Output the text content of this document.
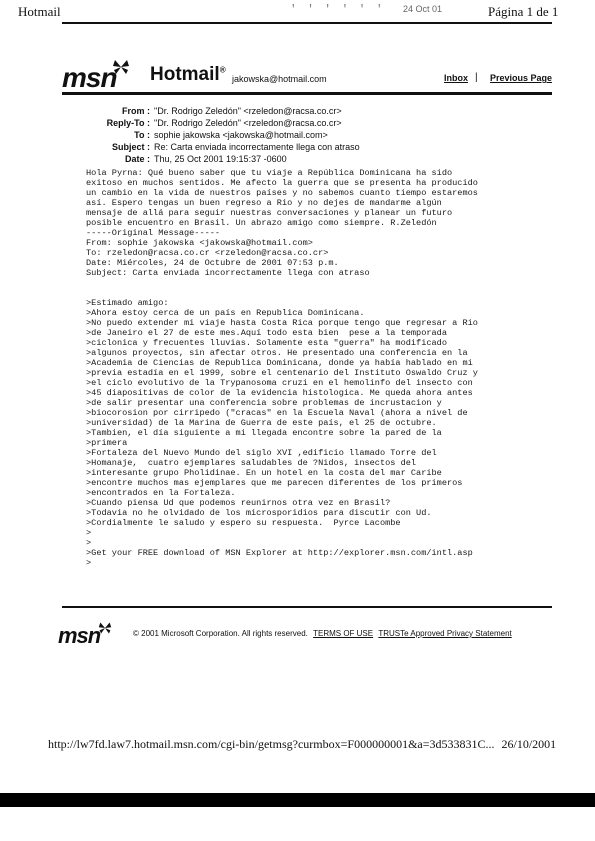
Hotmail	' ' ' ' ' ' 24 Oct 01	Página 1 de 1
msn Hotmail®
jakowska@hotmail.com	Inbox | Previous Page
From : "Dr. Rodrigo Zeledón" <rzeledon@racsa.co.cr>
Reply-To : "Dr. Rodrigo Zeledón" <rzeledon@racsa.co.cr>
To : sophie jakowska <jakowska@hotmail.com>
Subject : Re: Carta enviada incorrectamente llega con atraso
Date : Thu, 25 Oct 2001 19:15:37 -0600
Hola Pyrna: Qué bueno saber que tu viaje a República Dominicana ha sido
exitoso en muchos sentidos. Me afecto la guerra que se presenta ha producido
un cambio en la vida de nuestros países y no sabemos cuanto tiempo estaremos
así. Espero tengas un buen regreso a Rio y no dejes de mandarme algún
mensaje de allá para seguir nuestras conversaciones y planear un futuro
posible encuentro en Brasil. Un abrazo amigo como siempre. R.Zeledón
-----Original Message-----
From: sophie jakowska <jakowska@hotmail.com>
To: rzeledon@racsa.co.cr <rzeledon@racsa.co.cr>
Date: Miércoles, 24 de Octubre de 2001 07:53 p.m.
Subject: Carta enviada incorrectamente llega con atraso

>Estimado amigo:
>Ahora estoy cerca de un país en Republica Dominicana.
>No puedo extender mi viaje hasta Costa Rica porque tengo que regresar a Rio
>de Janeiro el 27 de este mes.Aquí todo esta bien  pese a la temporada
>ciclonica y frecuentes lluvias. Solamente esta "guerra" ha modificado
>algunos proyectos, sin afectar otros. He presentado una conferencia en la
>Academia de Ciencias de Republica Dominicana, donde ya había hablado en mi
>previa estadía en el 1999, sobre el centenario del Instituto Oswaldo Cruz y
>el ciclo evolutivo de la Trypanosoma cruzi en el hemolinfo del insecto con
>45 diapositivas de color de la evidencia histologica. Me queda ahora antes
>de salir presentar una conferencia sobre problemas de incrustacion y
>biocorosion por cirripedo ("cracas" en la Escuela Naval (ahora a nivel de
>universidad) de la Marina de Guerra de este país, el 25 de octubre.
>Tambien, el día siguiente a mi llegada encontre sobre la pared de la
>primera
>Fortaleza del Nuevo Mundo del siglo XVI ,edificio llamado Torre del
>Homanaje,  cuatro ejemplares saludables de ?Nidos, insectos del
>interesante grupo Pholidinae. En un hotel en la costa del mar Caribe
>encontre muchos mas ejemplares que me parecen diferentes de los primeros
>encontrados en la Fortaleza.
>Cuando piensa Ud que podemos reunirnos otra vez en Brasil?
>Todavia no he olvidado de los microsporidios para discutir con Ud.
>Cordialmente le saludo y espero su respuesta.  Pyrce Lacombe
>
>
>Get your FREE download of MSN Explorer at http://explorer.msn.com/intl.asp
>
msn	© 2001 Microsoft Corporation. All rights reserved. TERMS OF USE TRUSTe Approved Privacy Statement
http://lw7fd.law7.hotmail.msn.com/cgi-bin/getmsg?curmbox=F000000001&a=3d533831C... 26/10/2001
